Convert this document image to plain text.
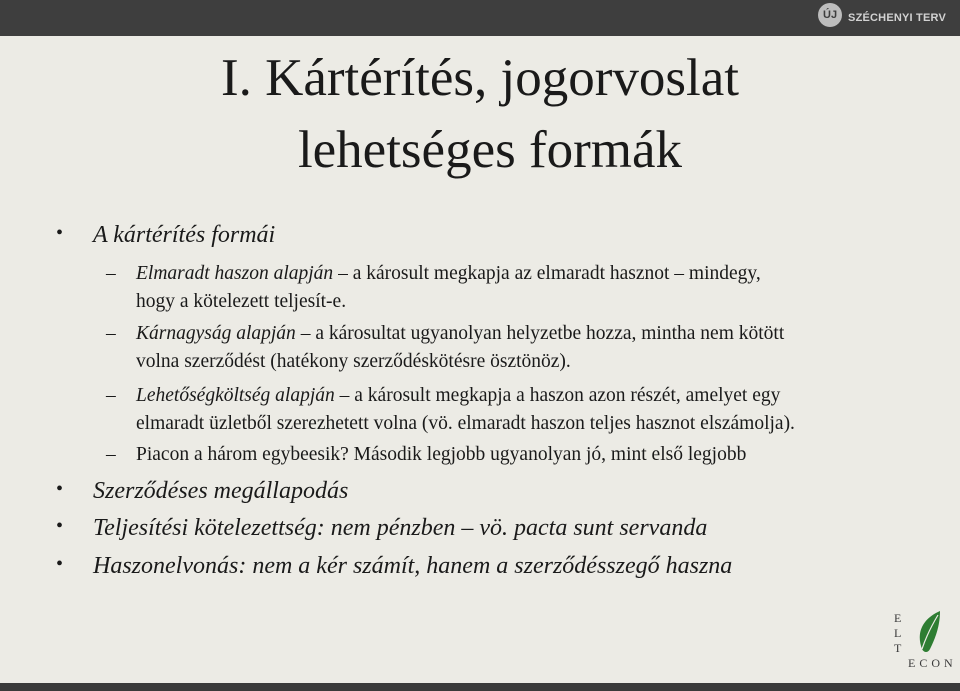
ÚJ SZÉCHENYI TERV
I. Kártérítés, jogorvoslat
lehetséges formák
• A kártérítés formái
– Elmaradt haszon alapján – a károsult megkapja az elmaradt hasznot – mindegy,
hogy a kötelezett teljesít-e.
– Kárnagyság alapján – a károsultat ugyanolyan helyzetbe hozza, mintha nem kötött
volna szerződést (hatékony szerződéskötésre ösztönöz).
– Lehetőségköltség alapján – a károsult megkapja a haszon azon részét, amelyet egy
elmaradt üzletből szerezhetett volna (vö. elmaradt haszon teljes hasznot elszámolja).
– Piacon a három egybeesik? Második legjobb ugyanolyan jó, mint első legjobb
• Szerződéses megállapodás
• Teljesítési kötelezettség: nem pénzben – vö. pacta sunt servanda
• Haszonelvonás: nem a kér számít, hanem a szerződésszegő haszna
E
L
T
ECON
